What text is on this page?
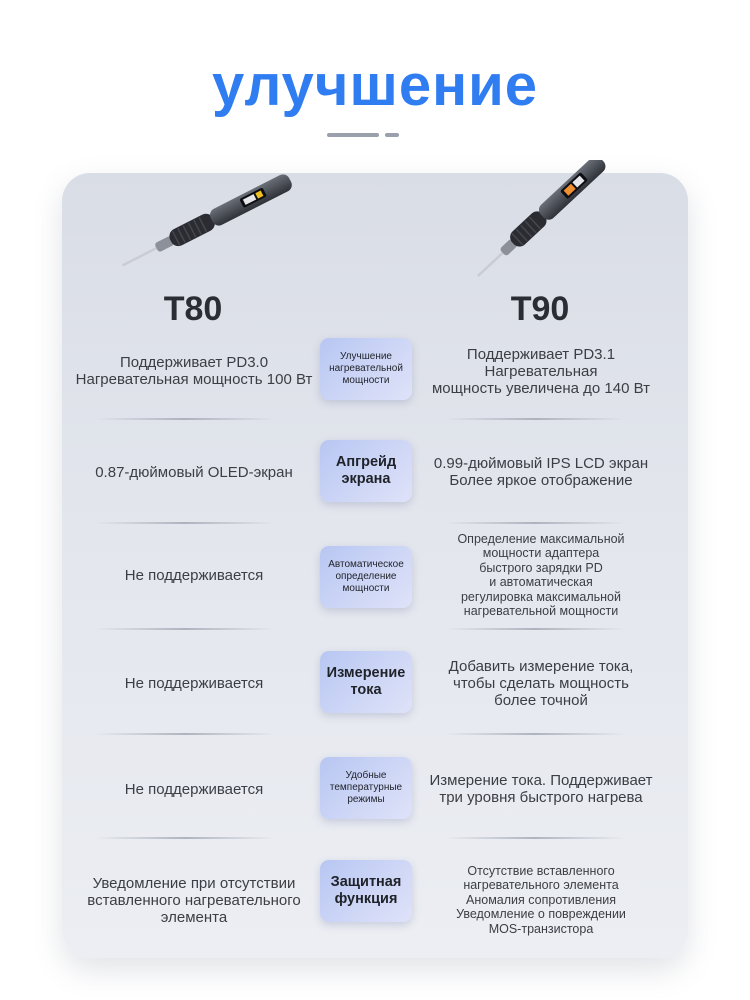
улучшение
T80	T90
Поддерживает PD3.0
Нагревательная мощность 100 Вт
Улучшение
нагревательной
мощности
Поддерживает PD3.1
Нагревательная
мощность увеличена до 140 Вт
0.87-дюймовый OLED-экран
Апгрейд
экрана
0.99-дюймовый IPS LCD экран
Более яркое отображение
Не поддерживается
Автоматическое
определение
мощности
Определение максимальной
мощности адаптера
быстрого зарядки PD
и автоматическая
регулировка максимальной
нагревательной мощности
Не поддерживается
Измерение
тока
Добавить измерение тока,
чтобы сделать мощность
более точной
Не поддерживается
Удобные
температурные
режимы
Измерение тока. Поддерживает
три уровня быстрого нагрева
Уведомление при отсутствии
вставленного нагревательного
элемента
Защитная
функция
Отсутствие вставленного
нагревательного элемента
Аномалия сопротивления
Уведомление о повреждении
MOS-транзистора
